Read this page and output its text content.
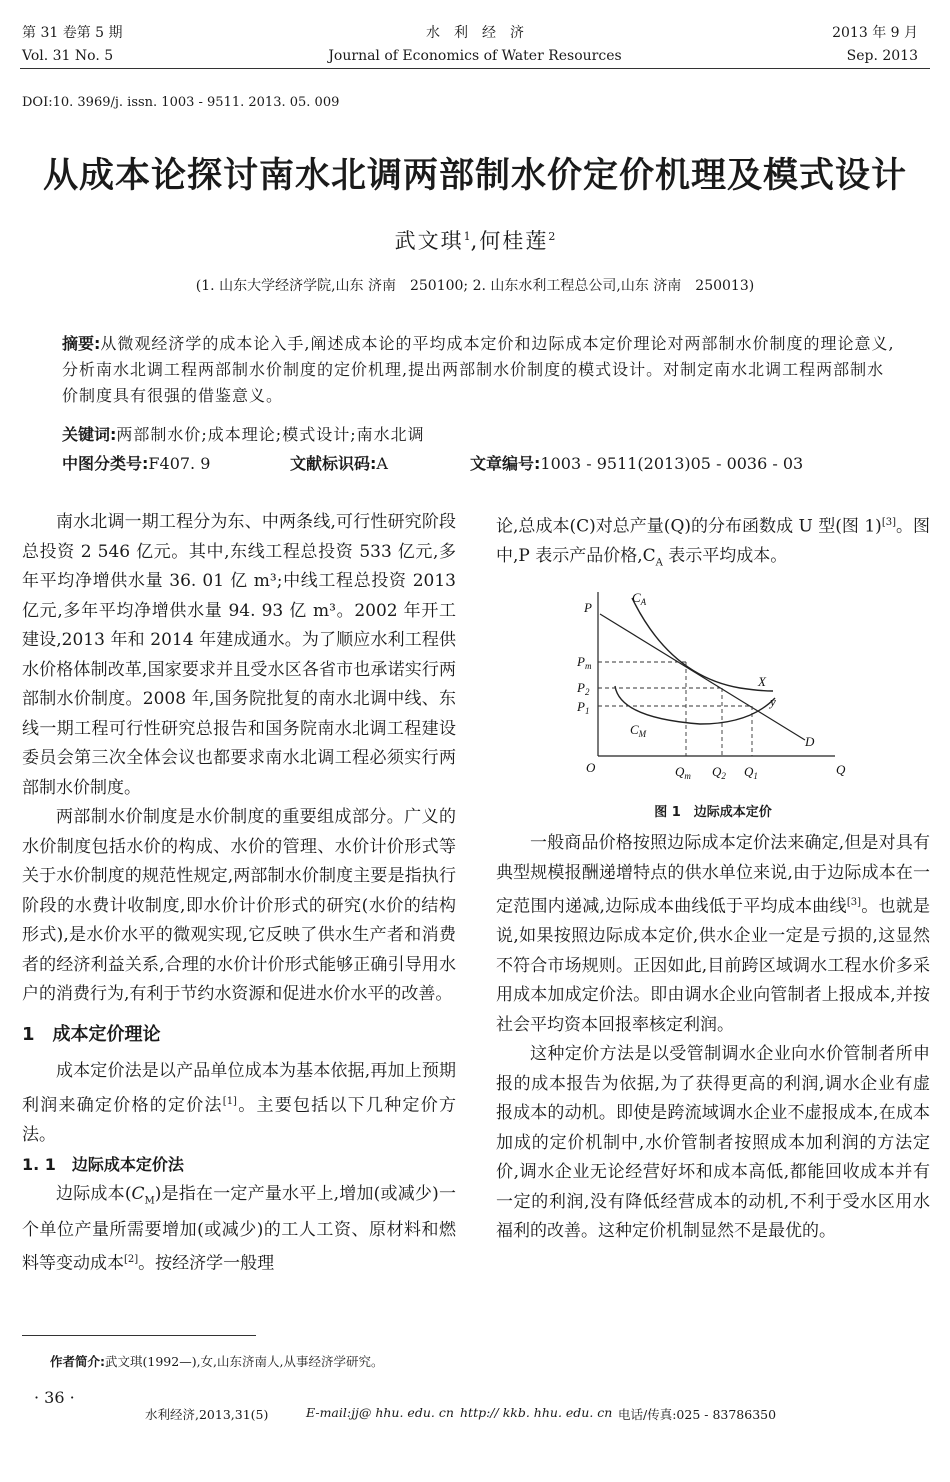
第 31 卷第 5 期
Vol. 31 No. 5
水　利　经　济
Journal of Economics of Water Resources
2013 年 9 月
Sep. 2013
DOI:10. 3969/j. issn. 1003 - 9511. 2013. 05. 009
从成本论探讨南水北调两部制水价定价机理及模式设计
武文琪$^1$,何桂莲$^2$
(1. 山东大学经济学院,山东 济南　250100; 2. 山东水利工程总公司,山东 济南　250013)
摘要:从微观经济学的成本论入手,阐述成本论的平均成本定价和边际成本定价理论对两部制水价制度的理论意义,分析南水北调工程两部制水价制度的定价机理,提出两部制水价制度的模式设计。对制定南水北调工程两部制水价制度具有很强的借鉴意义。
关键词:两部制水价;成本理论;模式设计;南水北调
中图分类号:F407. 9	文献标识码:A	文章编号:1003 - 9511(2013)05 - 0036 - 03

南水北调一期工程分为东、中两条线,可行性研究阶段总投资 2 546 亿元。其中,东线工程总投资 533 亿元,多年平均净增供水量 36. 01 亿 m³;中线工程总投资 2013 亿元,多年平均净增供水量 94. 93 亿 m³。2002 年开工建设,2013 年和 2014 年建成通水。为了顺应水利工程供水价格体制改革,国家要求并且受水区各省市也承诺实行两部制水价制度。2008 年,国务院批复的南水北调中线、东线一期工程可行性研究总报告和国务院南水北调工程建设委员会第三次全体会议也都要求南水北调工程必须实行两部制水价制度。

两部制水价制度是水价制度的重要组成部分。广义的水价制度包括水价的构成、水价的管理、水价计价形式等关于水价制度的规范性规定,两部制水价制度主要是指执行阶段的水费计收制度,即水价计价形式的研究(水价的结构形式),是水价水平的微观实现,它反映了供水生产者和消费者的经济利益关系,合理的水价计价形式能够正确引导用水户的消费行为,有利于节约水资源和促进水价水平的改善。

1　成本定价理论

成本定价法是以产品单位成本为基本依据,再加上预期利润来确定价格的定价法[1]。主要包括以下几种定价方法。

1. 1　边际成本定价法

边际成本$(C_M)$是指在一定产量水平上,增加(或减少)一个单位产量所需要增加(或减少)的工人工资、原材料和燃料等变动成本[2]。按经济学一般理

论,总成本(C)对总产量(Q)的分布函数成 U 型(图 1)[3]。图中,P 表示产品价格$,C_A$ 表示平均成本。

P
$C_A$
$P_m$
$P_2$
$P_1$
X
y
$C_M$	D
O	$Q_m$ $Q_2$ $Q_1$	Q
图 1　边际成本定价

一般商品价格按照边际成本定价法来确定,但是对具有典型规模报酬递增特点的供水单位来说,由于边际成本在一定范围内递减,边际成本曲线低于平均成本曲线[3]。也就是说,如果按照边际成本定价,供水企业一定是亏损的,这显然不符合市场规则。正因如此,目前跨区域调水工程水价多采用成本加成定价法。即由调水企业向管制者上报成本,并按社会平均资本回报率核定利润。

这种定价方法是以受管制调水企业向水价管制者所申报的成本报告为依据,为了获得更高的利润,调水企业有虚报成本的动机。即使是跨流域调水企业不虚报成本,在成本加成的定价机制中,水价管制者按照成本加利润的方法定价,调水企业无论经营好坏和成本高低,都能回收成本并有一定的利润,没有降低经营成本的动机,不利于受水区用水福利的改善。这种定价机制显然不是最优的。

作者简介:武文琪(1992—),女,山东济南人,从事经济学研究。
· 36 ·
水利经济,2013,31(5)	E-mail:jj@ hhu. edu. cn http:// kkb. hhu. edu. cn 电话/传真:025 - 83786350
